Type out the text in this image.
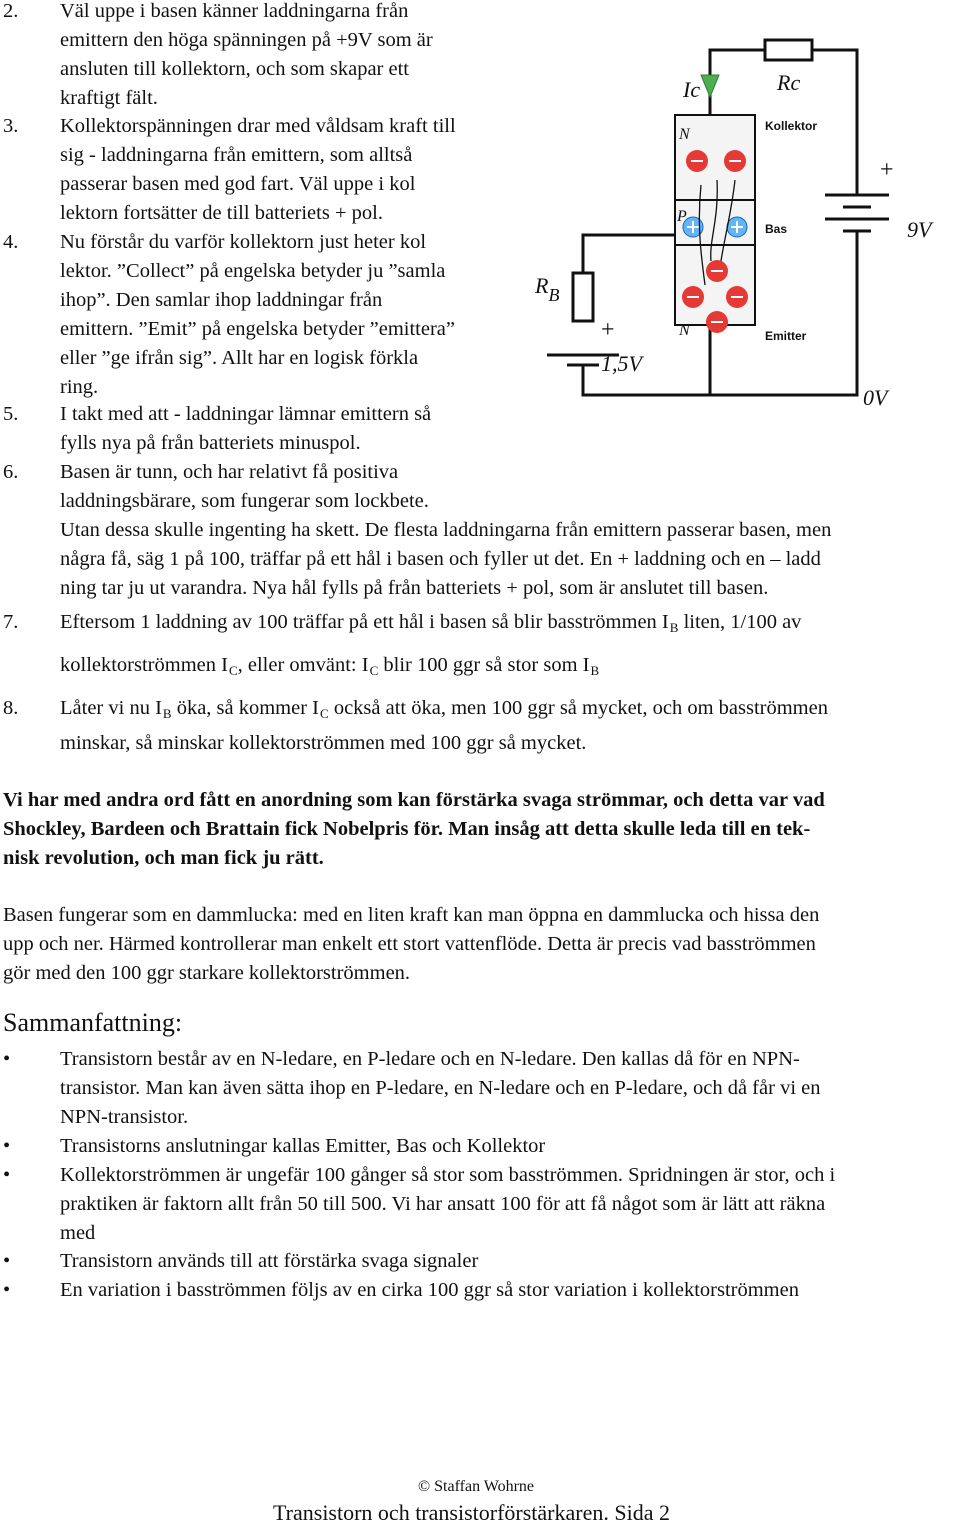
2.	Väl uppe i basen känner laddningarna från
emittern den höga spänningen på +9V som är
ansluten till kollektorn, och som skapar ett
kraftigt fält.
3.	Kollektorspänningen drar med våldsam kraft till
sig - laddningarna från emittern, som alltså
passerar basen med god fart. Väl uppe i kol
lektorn fortsätter de till batteriets + pol.
4.	Nu förstår du varför kollektorn just heter kol
lektor. ”Collect” på engelska betyder ju ”samla
ihop”. Den samlar ihop laddningar från
emittern. ”Emit” på engelska betyder ”emittera”
eller ”ge ifrån sig”. Allt har en logisk förkla
ring.
5.	I takt med att - laddningar lämnar emittern så
fylls nya på från batteriets minuspol.
6.	Basen är tunn, och har relativt få positiva
laddningsbärare, som fungerar som lockbete.
Utan dessa skulle ingenting ha skett. De flesta laddningarna från emittern passerar basen, men
några få, säg 1 på 100, träffar på ett hål i basen och fyller ut det. En + laddning och en – ladd
ning tar ju ut varandra. Nya hål fylls på från batteriets + pol, som är anslutet till basen.
7.	Eftersom 1 laddning av 100 träffar på ett hål i basen så blir basströmmen $I_B$ liten, 1/100 av
kollektorströmmen $I_C$, eller omvänt: $I_C$ blir 100 ggr så stor som $I_B$
8.	Låter vi nu $I_B$ öka, så kommer $I_C$ också att öka, men 100 ggr så mycket, och om basströmmen
minskar, så minskar kollektorströmmen med 100 ggr så mycket.
Vi har med andra ord fått en anordning som kan förstärka svaga strömmar, och detta var vad
Shockley, Bardeen och Brattain fick Nobelpris för. Man insåg att detta skulle leda till en tek-
nisk revolution, och man fick ju rätt.
Basen fungerar som en dammlucka: med en liten kraft kan man öppna en dammlucka och hissa den
upp och ner. Härmed kontrollerar man enkelt ett stort vattenflöde. Detta är precis vad basströmmen
gör med den 100 ggr starkare kollektorströmmen.
Sammanfattning:
•	Transistorn består av en N-ledare, en P-ledare och en N-ledare. Den kallas då för en NPN-
transistor. Man kan även sätta ihop en P-ledare, en N-ledare och en P-ledare, och då får vi en
NPN-transistor.
•	Transistorns anslutningar kallas Emitter, Bas och Kollektor
•	Kollektorströmmen är ungefär 100 gånger så stor som basströmmen. Spridningen är stor, och i
praktiken är faktorn allt från 50 till 500. Vi har ansatt 100 för att få något som är lätt att räkna
med
•	Transistorn används till att förstärka svaga signaler
•	En variation i basströmmen följs av en cirka 100 ggr så stor variation i kollektorströmmen
Ic	Rc
N
P
N
9V
0V
$R_B$
1,5V
+
+
Kollektor
Bas
Emitter
© Staffan Wohrne
Transistorn och transistorförstärkaren. Sida 2
